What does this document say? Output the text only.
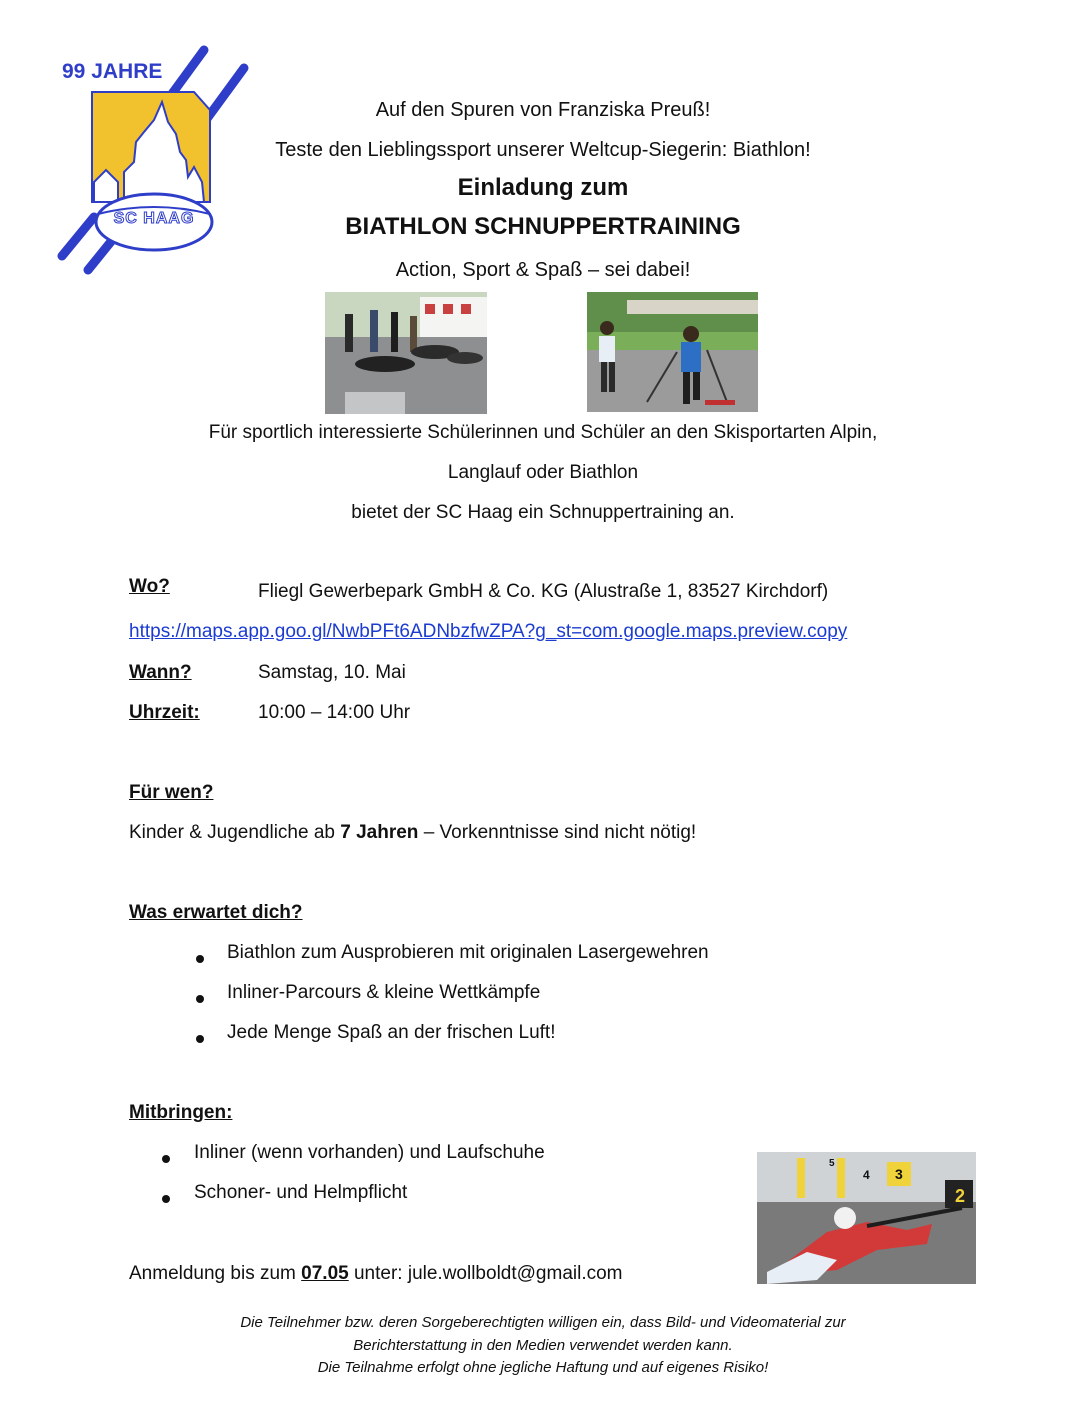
99 JAHRE
SC HAAG
Auf den Spuren von Franziska Preuß!
Teste den Lieblingssport unserer Weltcup-Siegerin: Biathlon!
Einladung zum
BIATHLON SCHNUPPERTRAINING
Action, Sport & Spaß – sei dabei!
Für sportlich interessierte Schülerinnen und Schüler an den Skisportarten Alpin,
Langlauf oder Biathlon
bietet der SC Haag ein Schnuppertraining an.
Wo?	Fliegl Gewerbepark GmbH & Co. KG (Alustraße 1, 83527 Kirchdorf)
https://maps.app.goo.gl/NwbPFt6ADNbzfwZPA?g_st=com.google.maps.preview.copy
Wann?	Samstag, 10. Mai
Uhrzeit:	10:00 – 14:00 Uhr
Für wen?
Kinder & Jugendliche ab 7 Jahren – Vorkenntnisse sind nicht nötig!
Was erwartet dich?
Biathlon zum Ausprobieren mit originalen Lasergewehren
Inliner-Parcours & kleine Wettkämpfe
Jede Menge Spaß an der frischen Luft!
Mitbringen:
Inliner (wenn vorhanden) und Laufschuhe
Schoner- und Helmpflicht
5
4 3
2
Anmeldung bis zum 07.05 unter: jule.wollboldt@gmail.com
Die Teilnehmer bzw. deren Sorgeberechtigten willigen ein, dass Bild- und Videomaterial zur
Berichterstattung in den Medien verwendet werden kann.
Die Teilnahme erfolgt ohne jegliche Haftung und auf eigenes Risiko!
